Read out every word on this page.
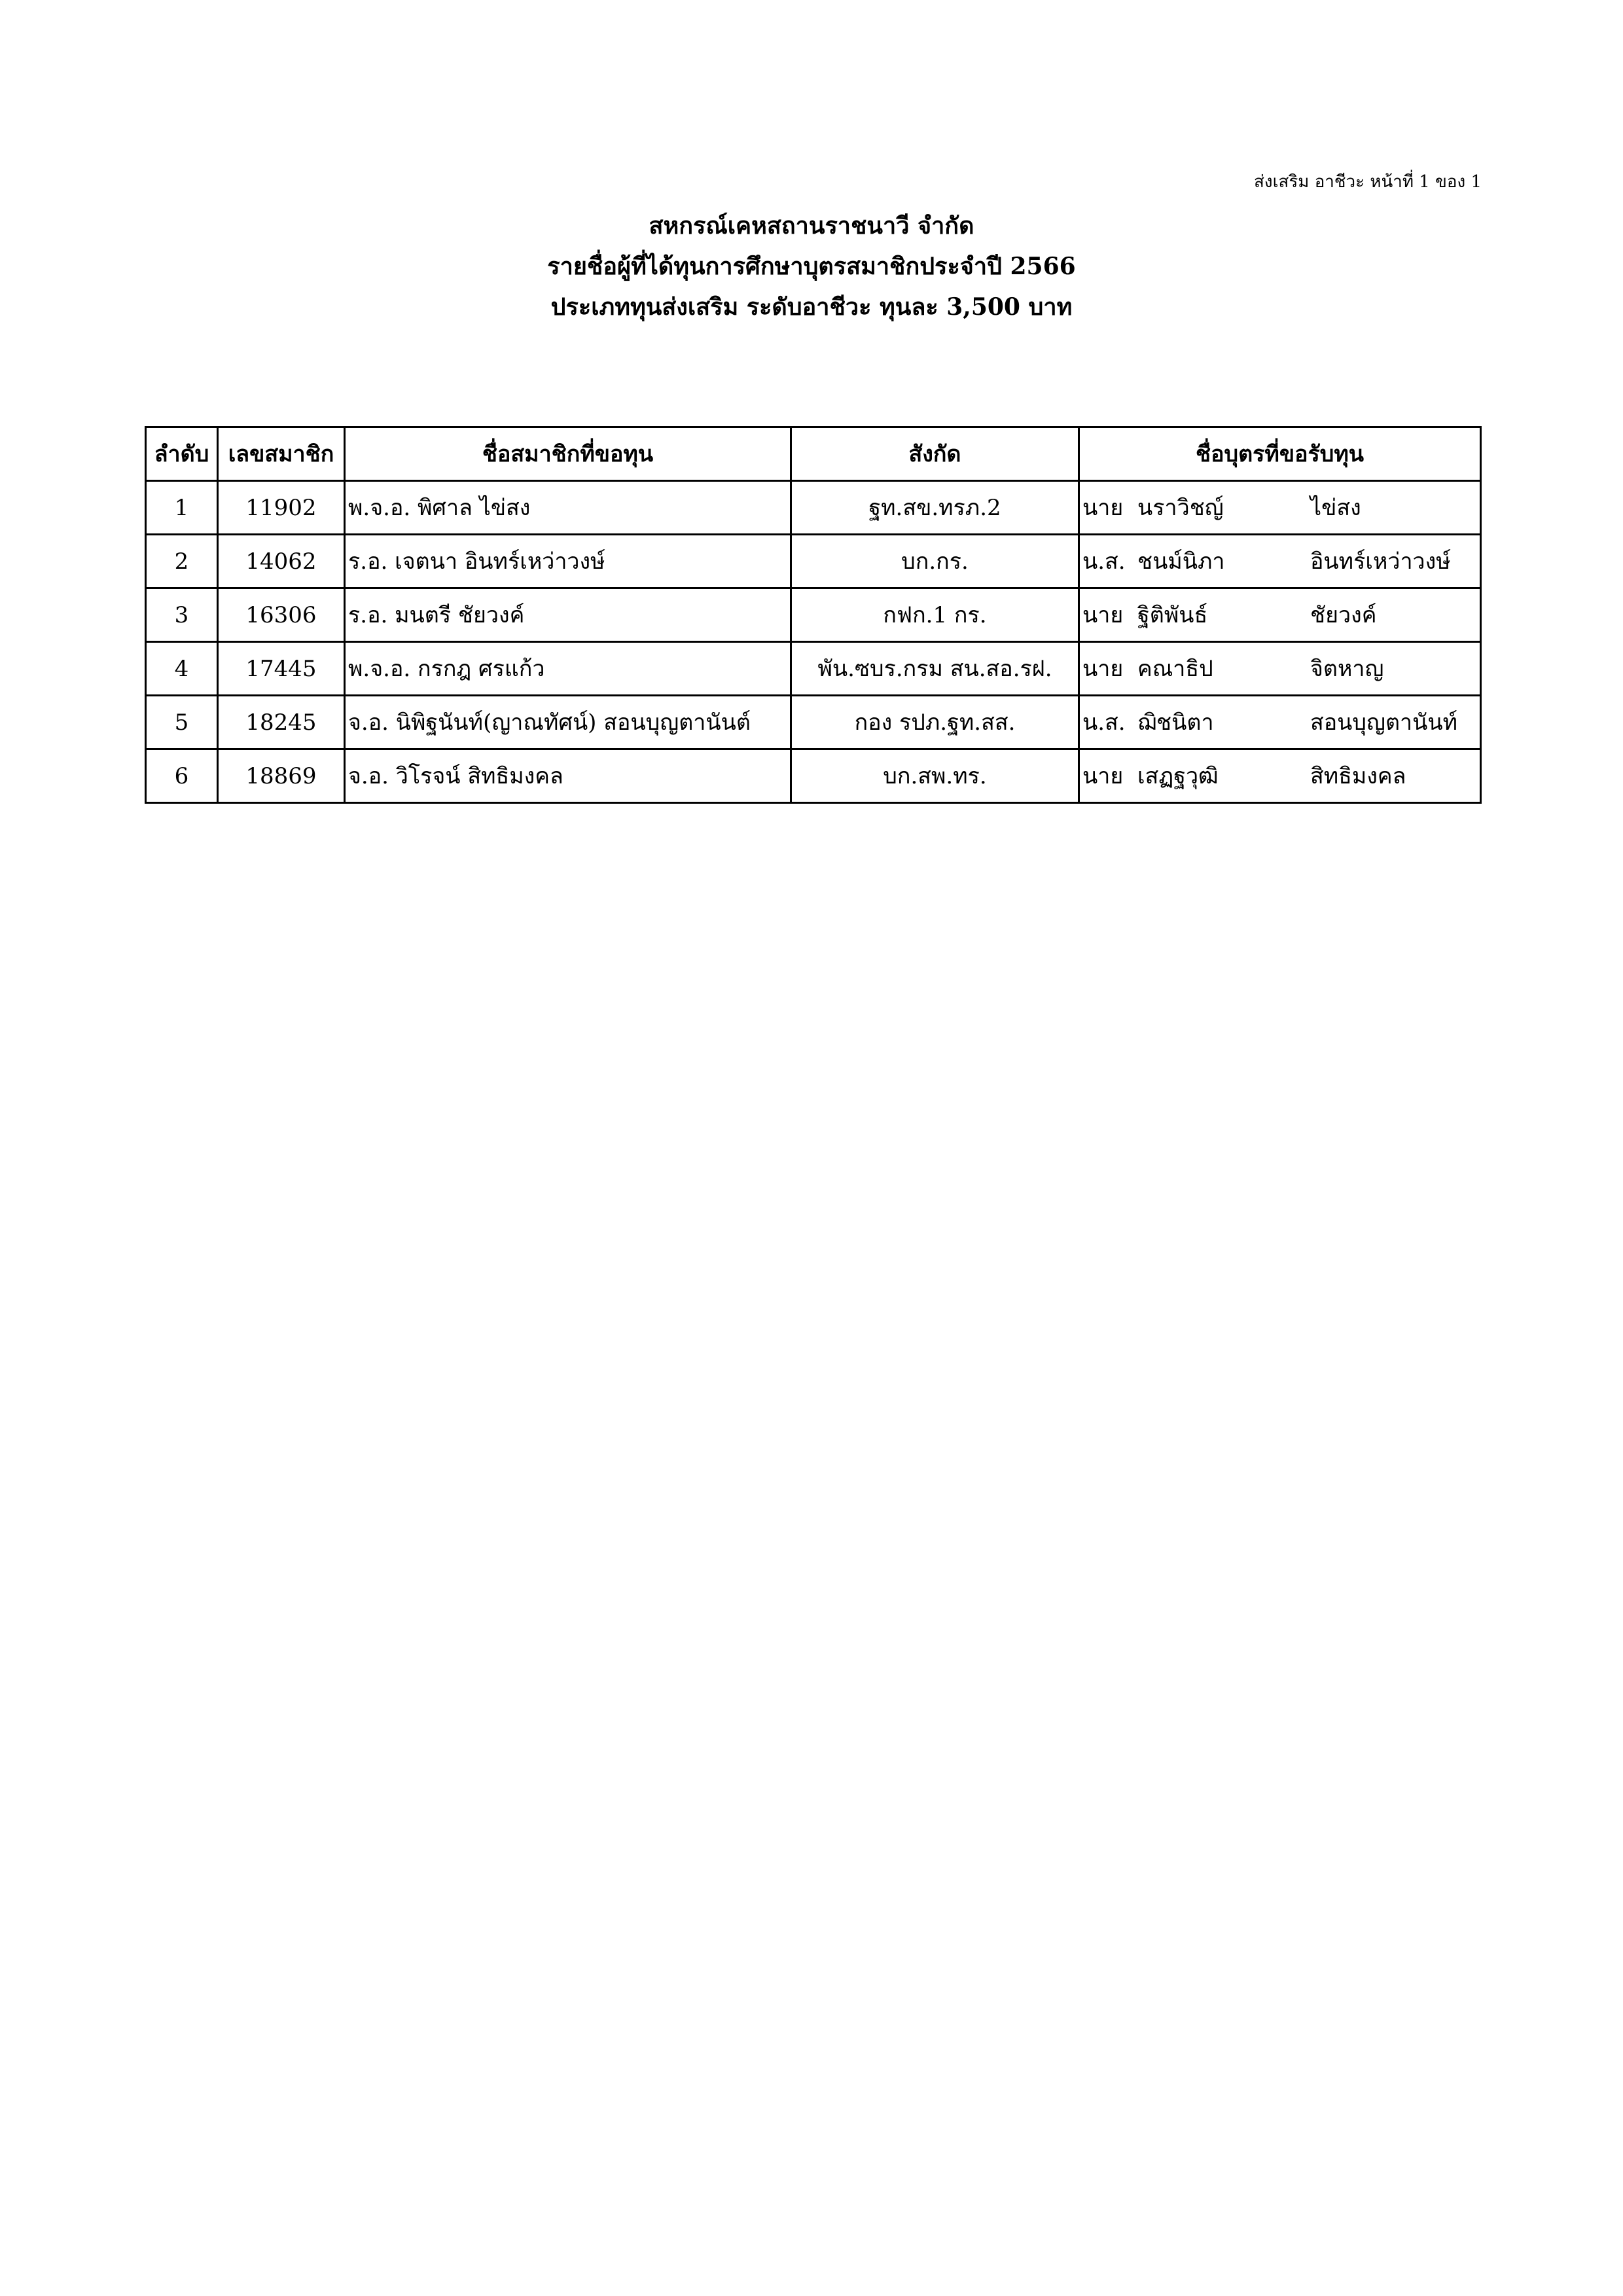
ส่งเสริม อาชีวะ หน้าที่ 1 ของ 1
สหกรณ์เคหสถานราชนาวี จำกัด
รายชื่อผู้ที่ได้ทุนการศึกษาบุตรสมาชิกประจำปี 2566
ประเภททุนส่งเสริม ระดับอาชีวะ ทุนละ 3,500 บาท
ลำดับ	เลขสมาชิก	ชื่อสมาชิกที่ขอทุน	สังกัด	ชื่อบุตรที่ขอรับทุน
1	11902	พ.จ.อ. พิศาล ไข่สง	ฐท.สข.ทรภ.2	นาย นราวิชญ์ ไข่สง

2	14062	ร.อ. เจตนา อินทร์เหว่าวงษ์	บก.กร.	น.ส. ชนม์นิภา อินทร์เหว่าวงษ์

3	16306	ร.อ. มนตรี ชัยวงค์	กฟก.1 กร.	นาย ฐิติพันธ์ ชัยวงค์

4	17445	พ.จ.อ. กรกฎ ศรแก้ว	พัน.ซบร.กรม สน.สอ.รฝ.	นาย คณาธิป จิตหาญ

5	18245	จ.อ. นิพิฐนันท์(ญาณทัศน์) สอนบุญตานันต์	กอง รปภ.ฐท.สส.	น.ส. ฌิชนิตา สอนบุญตานันท์

6	18869	จ.อ. วิโรจน์ สิทธิมงคล	บก.สพ.ทร.	นาย เสฏฐวุฒิ สิทธิมงคล
